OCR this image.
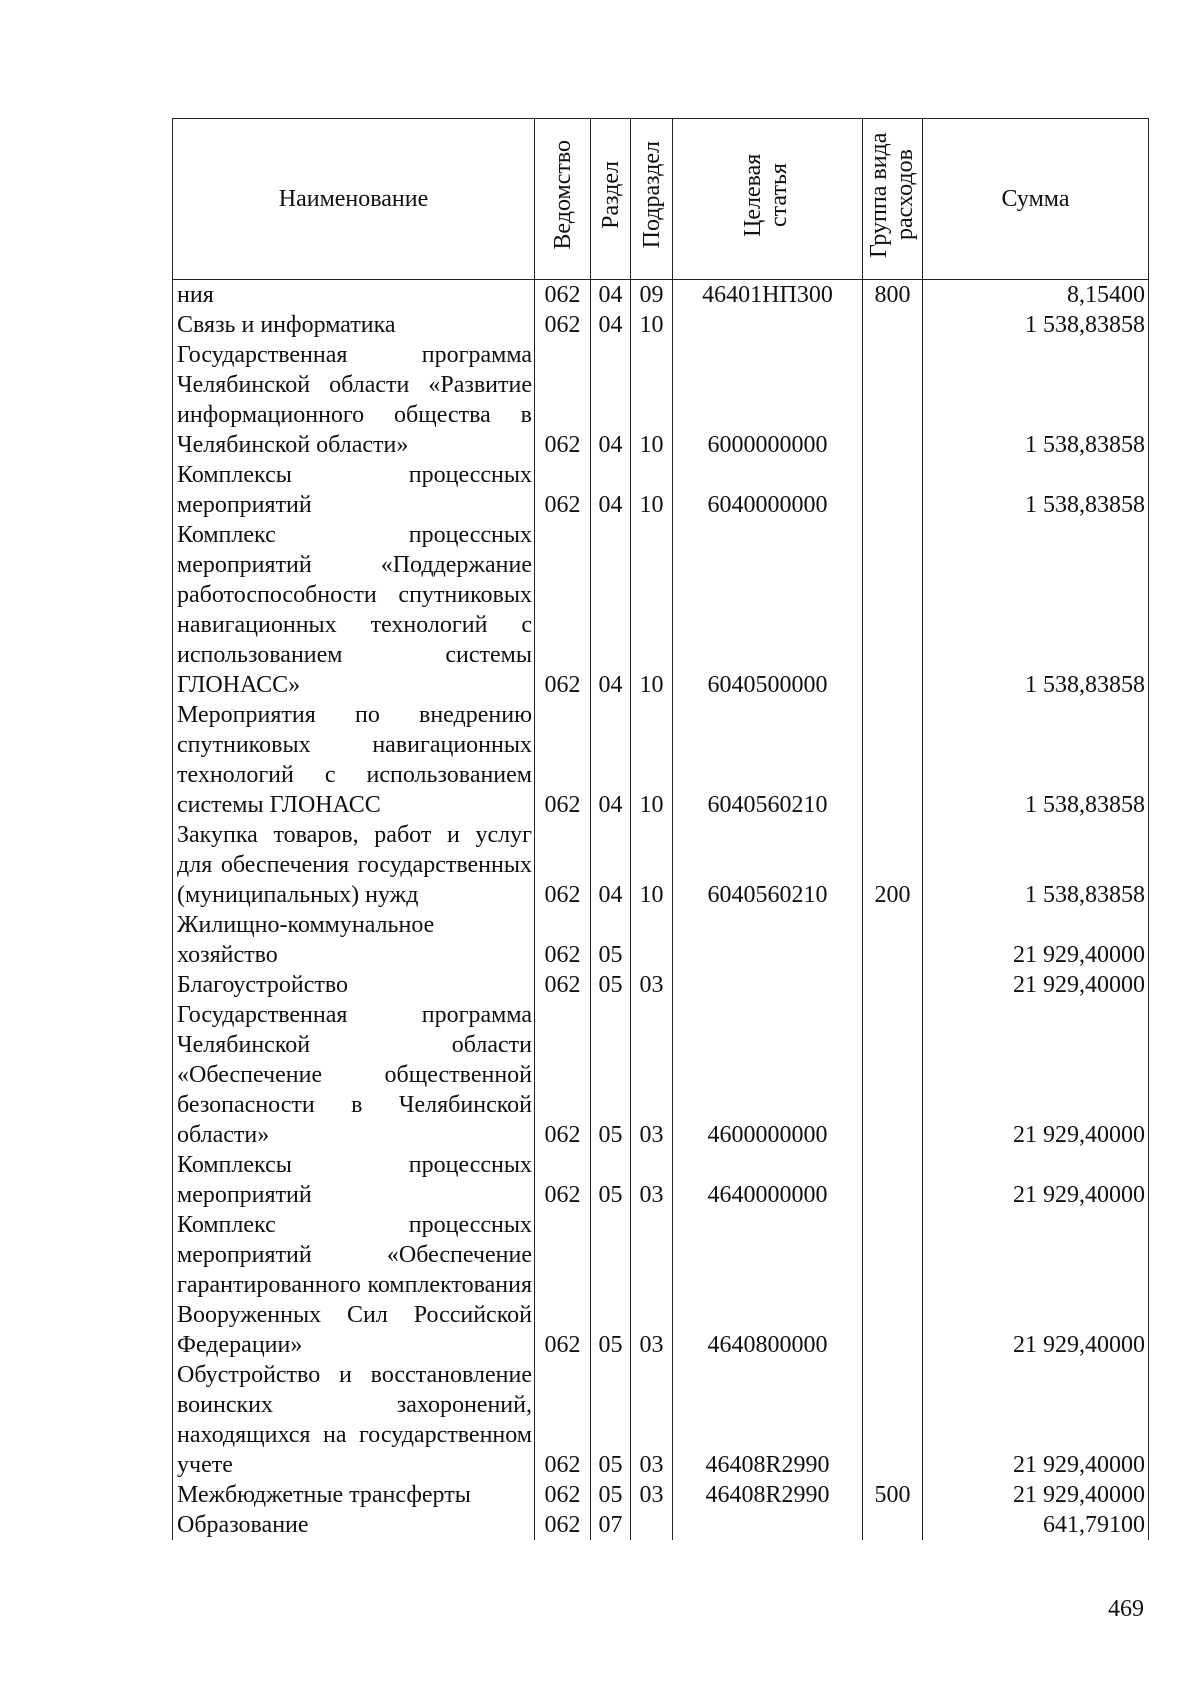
Наименование	Ведомство	Раздел	Подраздел	Целевая статья	Группа вида расходов	Сумма
ния	062	04	09	46401НП300	800	8,15400
Связь и информатика	062	04	10			1 538,83858
Государственная программа Челябинской области «Развитие информационного общества в Челябинской области»	062	04	10	6000000000		1 538,83858
Комплексы процессных мероприятий	062	04	10	6040000000		1 538,83858
Комплекс процессных мероприятий «Поддержание работоспособности спутниковых навигационных технологий с использованием системы ГЛОНАСС»	062	04	10	6040500000		1 538,83858
Мероприятия по внедрению спутниковых навигационных технологий с использованием системы ГЛОНАСС	062	04	10	6040560210		1 538,83858
Закупка товаров, работ и услуг для обеспечения государственных (муниципальных) нужд	062	04	10	6040560210	200	1 538,83858
Жилищно-коммунальное хозяйство	062	05				21 929,40000
Благоустройство	062	05	03			21 929,40000
Государственная программа Челябинской области «Обеспечение общественной безопасности в Челябинской области»	062	05	03	4600000000		21 929,40000
Комплексы процессных мероприятий	062	05	03	4640000000		21 929,40000
Комплекс процессных мероприятий «Обеспечение гарантированного комплектования Вооруженных Сил Российской Федерации»	062	05	03	4640800000		21 929,40000
Обустройство и восстановление воинских захоронений, находящихся на государственном учете	062	05	03	46408R2990		21 929,40000
Межбюджетные трансферты	062	05	03	46408R2990	500	21 929,40000
Образование	062	07				641,79100
469
